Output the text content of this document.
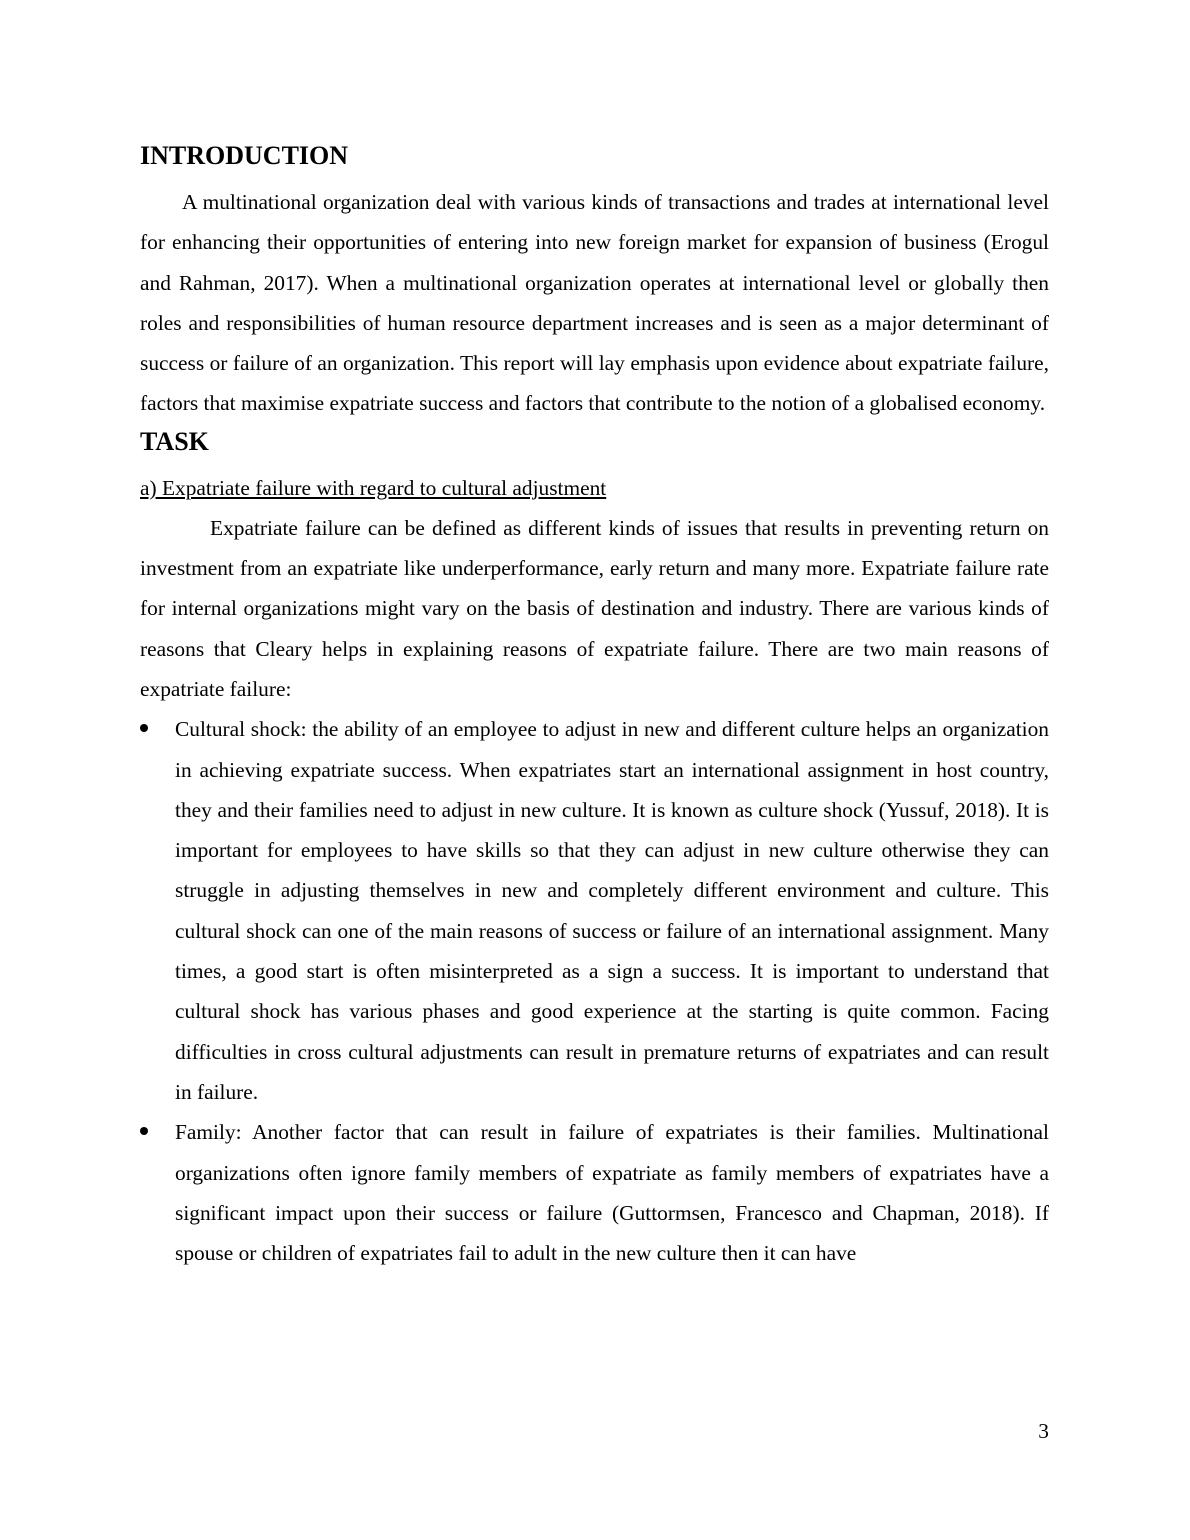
INTRODUCTION

A multinational organization deal with various kinds of transactions and trades at international level for enhancing their opportunities of entering into new foreign market for expansion of business (Erogul and Rahman, 2017). When a multinational organization operates at international level or globally then roles and responsibilities of human resource department increases and is seen as a major determinant of success or failure of an organization. This report will lay emphasis upon evidence about expatriate failure, factors that maximise expatriate success and factors that contribute to the notion of a globalised economy.

TASK

a) Expatriate failure with regard to cultural adjustment

Expatriate failure can be defined as different kinds of issues that results in preventing return on investment from an expatriate like underperformance, early return and many more. Expatriate failure rate for internal organizations might vary on the basis of destination and industry. There are various kinds of reasons that Cleary helps in explaining reasons of expatriate failure. There are two main reasons of expatriate failure:

Cultural shock: the ability of an employee to adjust in new and different culture helps an organization in achieving expatriate success. When expatriates start an international assignment in host country, they and their families need to adjust in new culture. It is known as culture shock (Yussuf, 2018). It is important for employees to have skills so that they can adjust in new culture otherwise they can struggle in adjusting themselves in new and completely different environment and culture. This cultural shock can one of the main reasons of success or failure of an international assignment. Many times, a good start is often misinterpreted as a sign a success. It is important to understand that cultural shock has various phases and good experience at the starting is quite common. Facing difficulties in cross cultural adjustments can result in premature returns of expatriates and can result in failure.

Family: Another factor that can result in failure of expatriates is their families. Multinational organizations often ignore family members of expatriate as family members of expatriates have a significant impact upon their success or failure (Guttormsen, Francesco and Chapman, 2018). If spouse or children of expatriates fail to adult in the new culture then it can have

3
